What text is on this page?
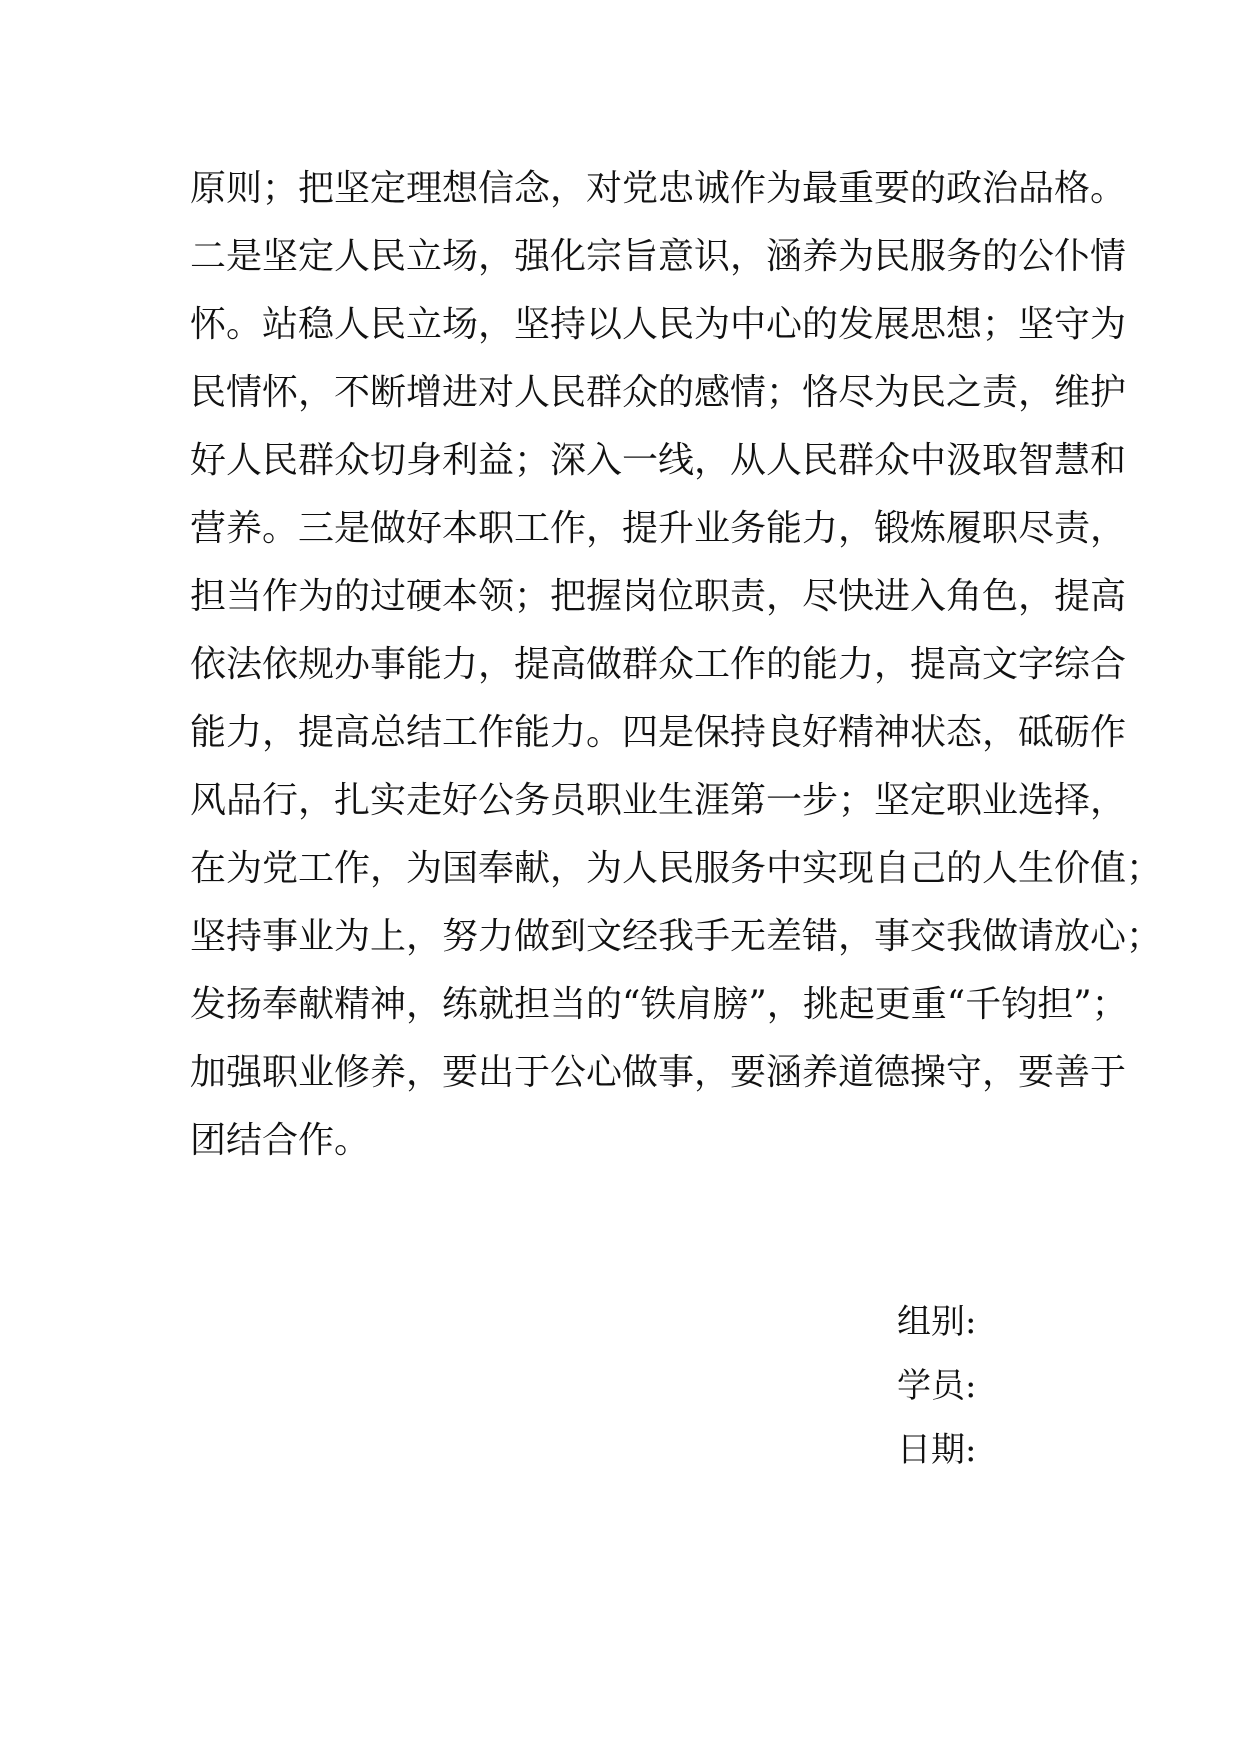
原则；把坚定理想信念，对党忠诚作为最重要的政治品格。
二是坚定人民立场，强化宗旨意识，涵养为民服务的公仆情
怀。站稳人民立场，坚持以人民为中心的发展思想；坚守为
民情怀，不断增进对人民群众的感情；恪尽为民之责，维护
好人民群众切身利益；深入一线，从人民群众中汲取智慧和
营养。三是做好本职工作，提升业务能力，锻炼履职尽责，
担当作为的过硬本领；把握岗位职责，尽快进入角色，提高
依法依规办事能力，提高做群众工作的能力，提高文字综合
能力，提高总结工作能力。四是保持良好精神状态，砥砺作
风品行，扎实走好公务员职业生涯第一步；坚定职业选择，
在为党工作，为国奉献，为人民服务中实现自己的人生价值；
坚持事业为上，努力做到文经我手无差错，事交我做请放心；
发扬奉献精神，练就担当的“铁肩膀”，挑起更重“千钧担”；
加强职业修养，要出于公心做事，要涵养道德操守，要善于
团结合作。
组别:
学员:
日期:
